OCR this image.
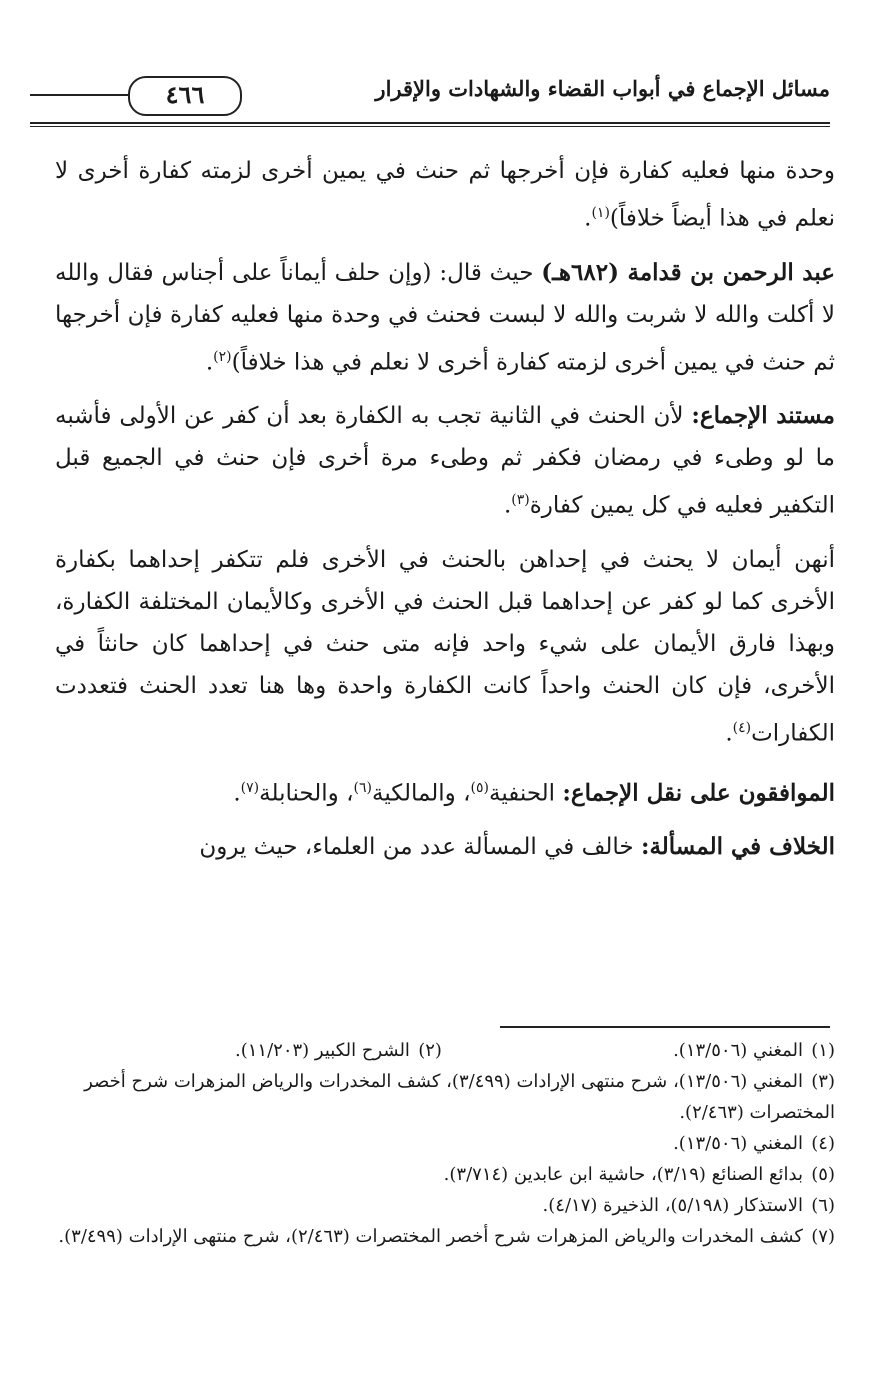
مسائل الإجماع في أبواب القضاء والشهادات والإقرار
٤٦٦

وحدة منها فعليه كفارة فإن أخرجها ثم حنث في يمين أخرى لزمته كفارة أخرى لا نعلم في هذا أيضاً خلافاً)$^{(١)}$.

عبد الرحمن بن قدامة (٦٨٢هـ) حيث قال: (وإن حلف أيماناً على أجناس فقال والله لا أكلت والله لا شربت والله لا لبست فحنث في وحدة منها فعليه كفارة فإن أخرجها ثم حنث في يمين أخرى لزمته كفارة أخرى لا نعلم في هذا خلافاً)$^{(٢)}$.

مستند الإجماع: لأن الحنث في الثانية تجب به الكفارة بعد أن كفر عن الأولى فأشبه ما لو وطىء في رمضان فكفر ثم وطىء مرة أخرى فإن حنث في الجميع قبل التكفير فعليه في كل يمين كفارة$^{(٣)}$.

أنهن أيمان لا يحنث في إحداهن بالحنث في الأخرى فلم تتكفر إحداهما بكفارة الأخرى كما لو كفر عن إحداهما قبل الحنث في الأخرى وكالأيمان المختلفة الكفارة، وبهذا فارق الأيمان على شيء واحد فإنه متى حنث في إحداهما كان حانثاً في الأخرى، فإن كان الحنث واحداً كانت الكفارة واحدة وها هنا تعدد الحنث فتعددت الكفارات$^{(٤)}$.

الموافقون على نقل الإجماع: الحنفية$^{(٥)}$، والمالكية$^{(٦)}$، والحنابلة$^{(٧)}$.

الخلاف في المسألة: خالف في المسألة عدد من العلماء، حيث يرون

(١)المغني (١٣/٥٠٦).

(٢)الشرح الكبير (١١/٢٠٣).

(٣)المغني (١٣/٥٠٦)، شرح منتهى الإرادات (٣/٤٩٩)، كشف المخدرات والرياض المزهرات شرح أخصر المختصرات (٢/٤٦٣).

(٤)المغني (١٣/٥٠٦).

(٥)بدائع الصنائع (٣/١٩)، حاشية ابن عابدين (٣/٧١٤).

(٦)الاستذكار (٥/١٩٨)، الذخيرة (٤/١٧).

(٧)كشف المخدرات والرياض المزهرات شرح أخصر المختصرات (٢/٤٦٣)، شرح منتهى الإرادات (٣/٤٩٩).
